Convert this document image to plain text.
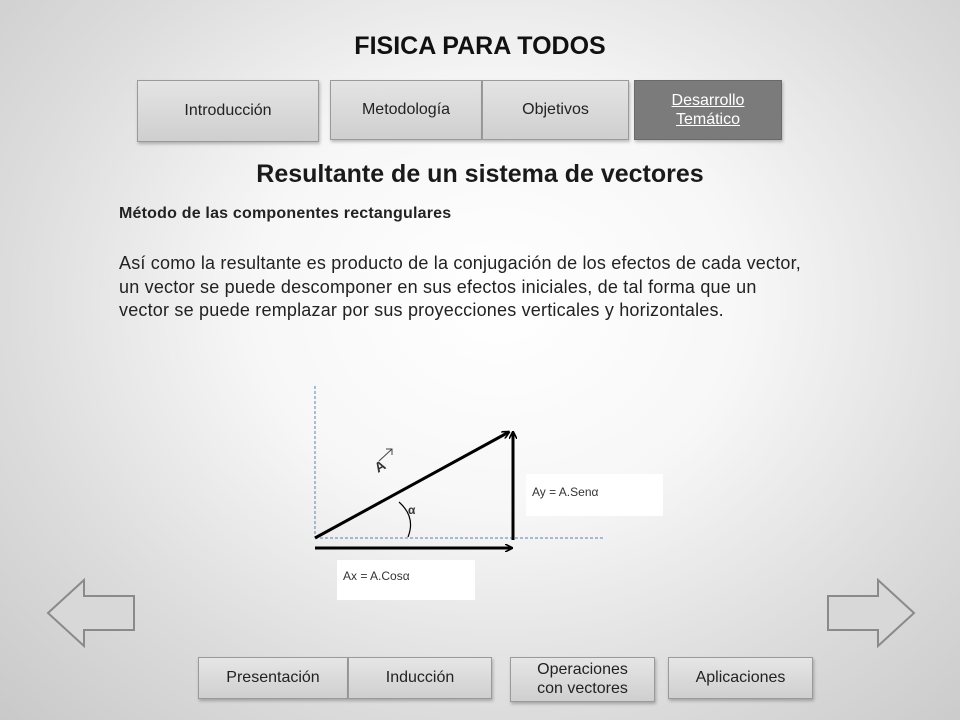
FISICA PARA TODOS
Introducción	Metodología	Objetivos
Desarrollo Temático
Resultante de un sistema de vectores
Método de las componentes rectangulares
Así como la resultante es producto de la conjugación de los efectos de cada vector, un vector se puede descomponer en sus efectos iniciales, de tal forma que un vector se puede remplazar por sus proyecciones verticales y horizontales.
A
α
Ay = A.Senα
Ax = A.Cosα
Presentación	Inducción	Operaciones con vectores
Aplicaciones
